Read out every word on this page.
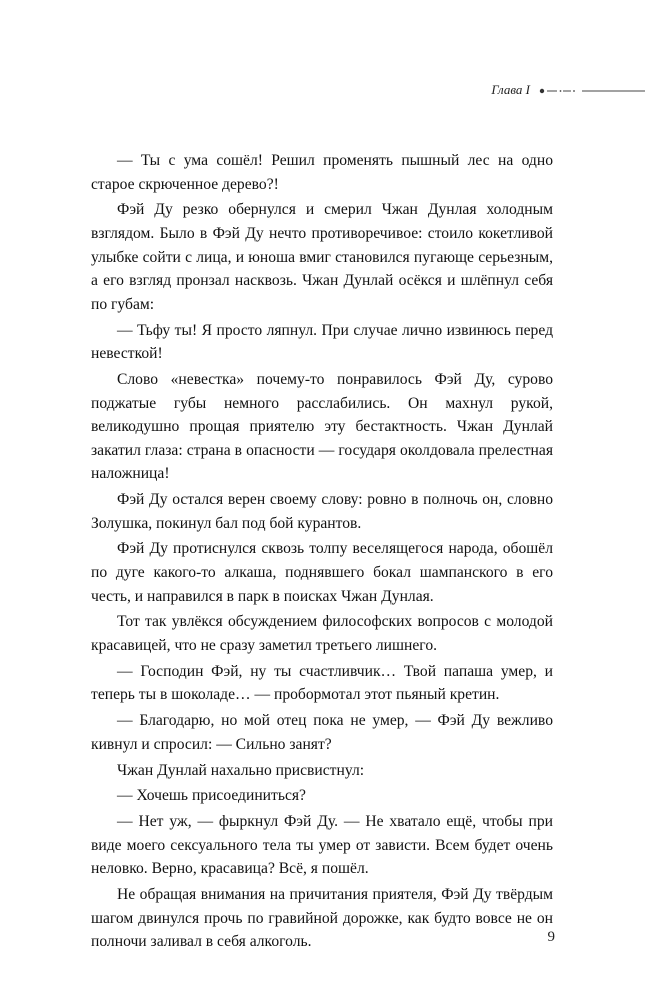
Глава I

— Ты с ума сошёл! Решил променять пышный лес на одно старое скрюченное дерево?!

Фэй Ду резко обернулся и смерил Чжан Дунлая холодным взглядом. Было в Фэй Ду нечто противоречивое: стоило кокетливой улыбке сойти с лица, и юноша вмиг становился пугающе серьезным, а его взгляд пронзал насквозь. Чжан Дунлай осёкся и шлёпнул себя по губам:

— Тьфу ты! Я просто ляпнул. При случае лично извинюсь перед невесткой!

Слово «невестка» почему-то понравилось Фэй Ду, сурово поджатые губы немного расслабились. Он махнул рукой, великодушно прощая приятелю эту бестактность. Чжан Дунлай закатил глаза: страна в опасности — государя околдовала прелестная наложница!

Фэй Ду остался верен своему слову: ровно в полночь он, словно Золушка, покинул бал под бой курантов.

Фэй Ду протиснулся сквозь толпу веселящегося народа, обошёл по дуге какого-то алкаша, поднявшего бокал шампанского в его честь, и направился в парк в поисках Чжан Дунлая.

Тот так увлёкся обсуждением философских вопросов с молодой красавицей, что не сразу заметил третьего лишнего.

— Господин Фэй, ну ты счастливчик… Твой папаша умер, и теперь ты в шоколаде… — пробормотал этот пьяный кретин.

— Благодарю, но мой отец пока не умер, — Фэй Ду вежливо кивнул и спросил: — Сильно занят?

Чжан Дунлай нахально присвистнул:

— Хочешь присоединиться?

— Нет уж, — фыркнул Фэй Ду. — Не хватало ещё, чтобы при виде моего сексуального тела ты умер от зависти. Всем будет очень неловко. Верно, красавица? Всё, я пошёл.

Не обращая внимания на причитания приятеля, Фэй Ду твёрдым шагом двинулся прочь по гравийной дорожке, как будто вовсе не он полночи заливал в себя алкоголь.	9
